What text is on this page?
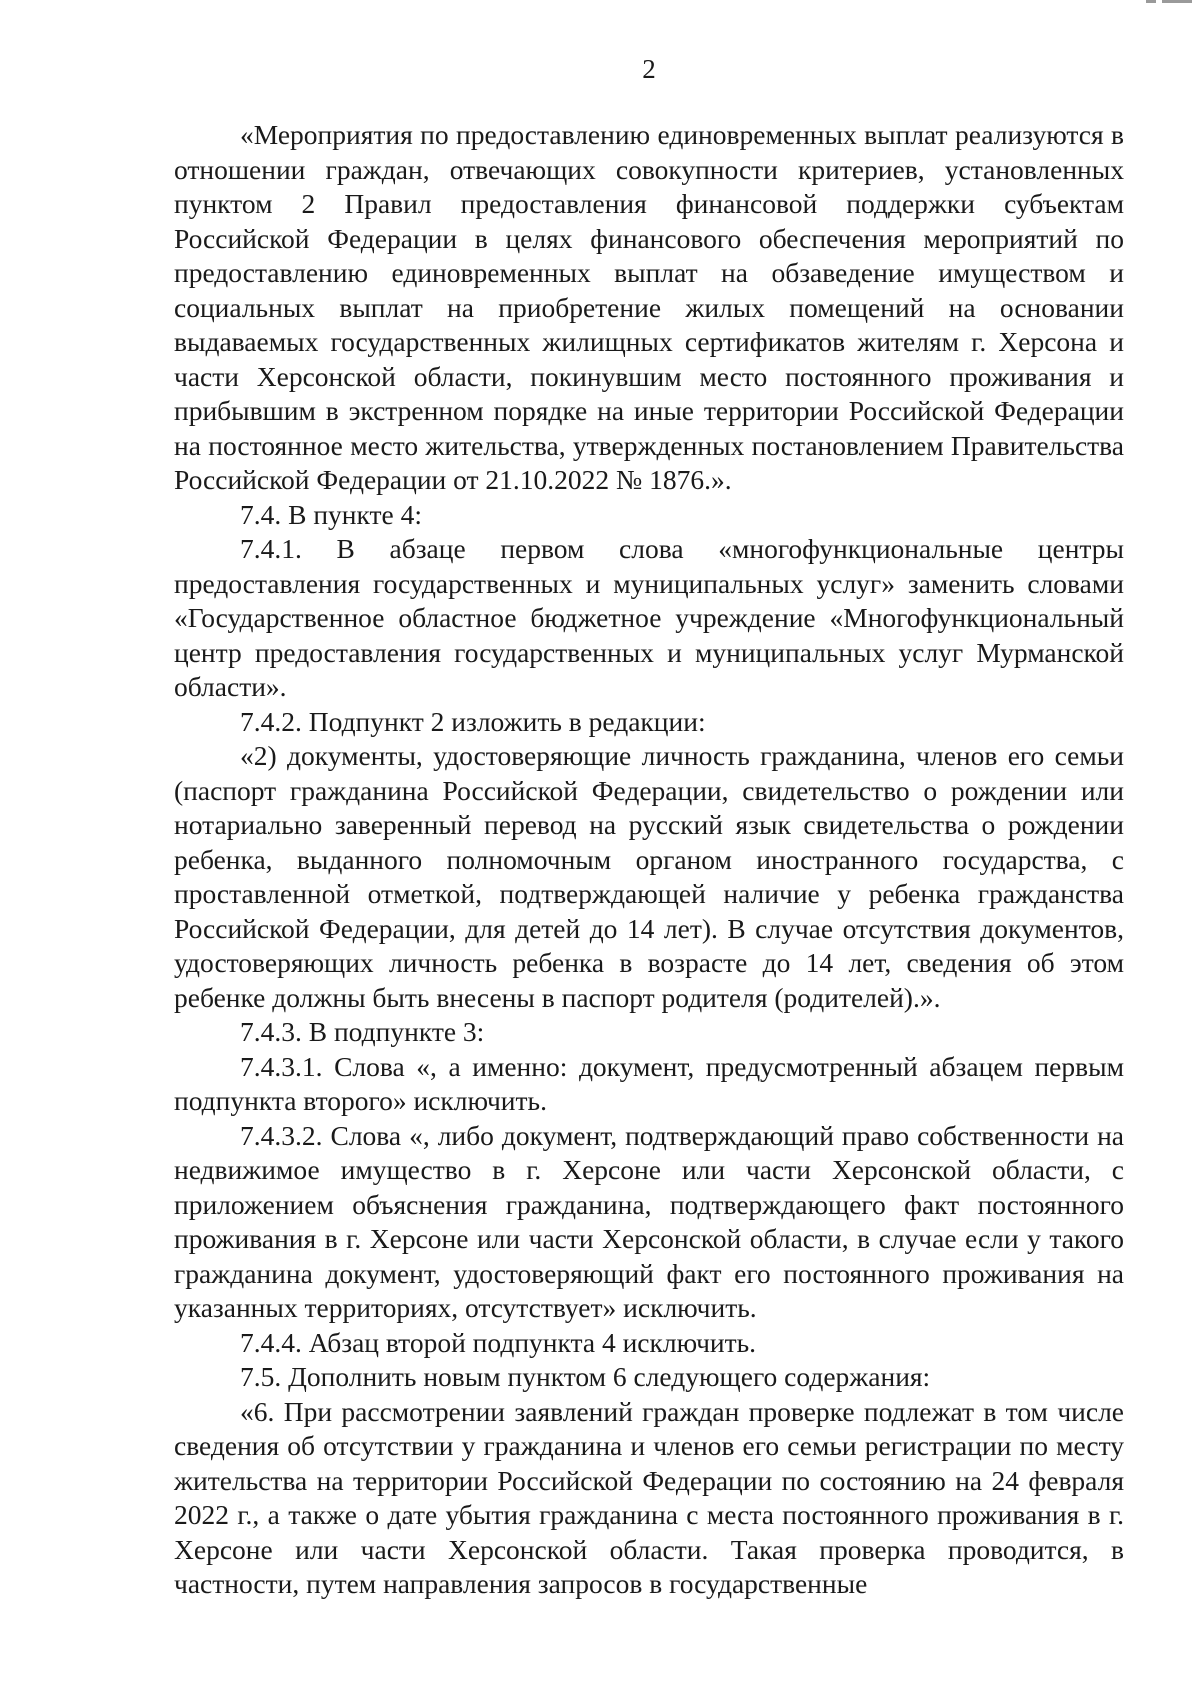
2

«Мероприятия по предоставлению единовременных выплат реализуются в отношении граждан, отвечающих совокупности критериев, установленных пунктом 2 Правил предоставления финансовой поддержки субъектам Российской Федерации в целях финансового обеспечения мероприятий по предоставлению единовременных выплат на обзаведение имуществом и социальных выплат на приобретение жилых помещений на основании выдаваемых государственных жилищных сертификатов жителям г. Херсона и части Херсонской области, покинувшим место постоянного проживания и прибывшим в экстренном порядке на иные территории Российской Федерации на постоянное место жительства, утвержденных постановлением Правительства Российской Федерации от 21.10.2022 № 1876.».

7.4. В пункте 4:

7.4.1. В абзаце первом слова «многофункциональные центры предоставления государственных и муниципальных услуг» заменить словами «Государственное областное бюджетное учреждение «Многофункциональный центр предоставления государственных и муниципальных услуг Мурманской области».

7.4.2. Подпункт 2 изложить в редакции:

«2) документы, удостоверяющие личность гражданина, членов его семьи (паспорт гражданина Российской Федерации, свидетельство о рождении или нотариально заверенный перевод на русский язык свидетельства о рождении ребенка, выданного полномочным органом иностранного государства, с проставленной отметкой, подтверждающей наличие у ребенка гражданства Российской Федерации, для детей до 14 лет). В случае отсутствия документов, удостоверяющих личность ребенка в возрасте до 14 лет, сведения об этом ребенке должны быть внесены в паспорт родителя (родителей).».

7.4.3. В подпункте 3:

7.4.3.1. Слова «, а именно: документ, предусмотренный абзацем первым подпункта второго» исключить.

7.4.3.2. Слова «, либо документ, подтверждающий право собственности на недвижимое имущество в г. Херсоне или части Херсонской области, с приложением объяснения гражданина, подтверждающего факт постоянного проживания в г. Херсоне или части Херсонской области, в случае если у такого гражданина документ, удостоверяющий факт его постоянного проживания на указанных территориях, отсутствует» исключить.

7.4.4. Абзац второй подпункта 4 исключить.

7.5. Дополнить новым пунктом 6 следующего содержания:

«6. При рассмотрении заявлений граждан проверке подлежат в том числе сведения об отсутствии у гражданина и членов его семьи регистрации по месту жительства на территории Российской Федерации по состоянию на 24 февраля 2022 г., а также о дате убытия гражданина с места постоянного проживания в г. Херсоне или части Херсонской области. Такая проверка проводится, в частности, путем направления запросов в государственные
